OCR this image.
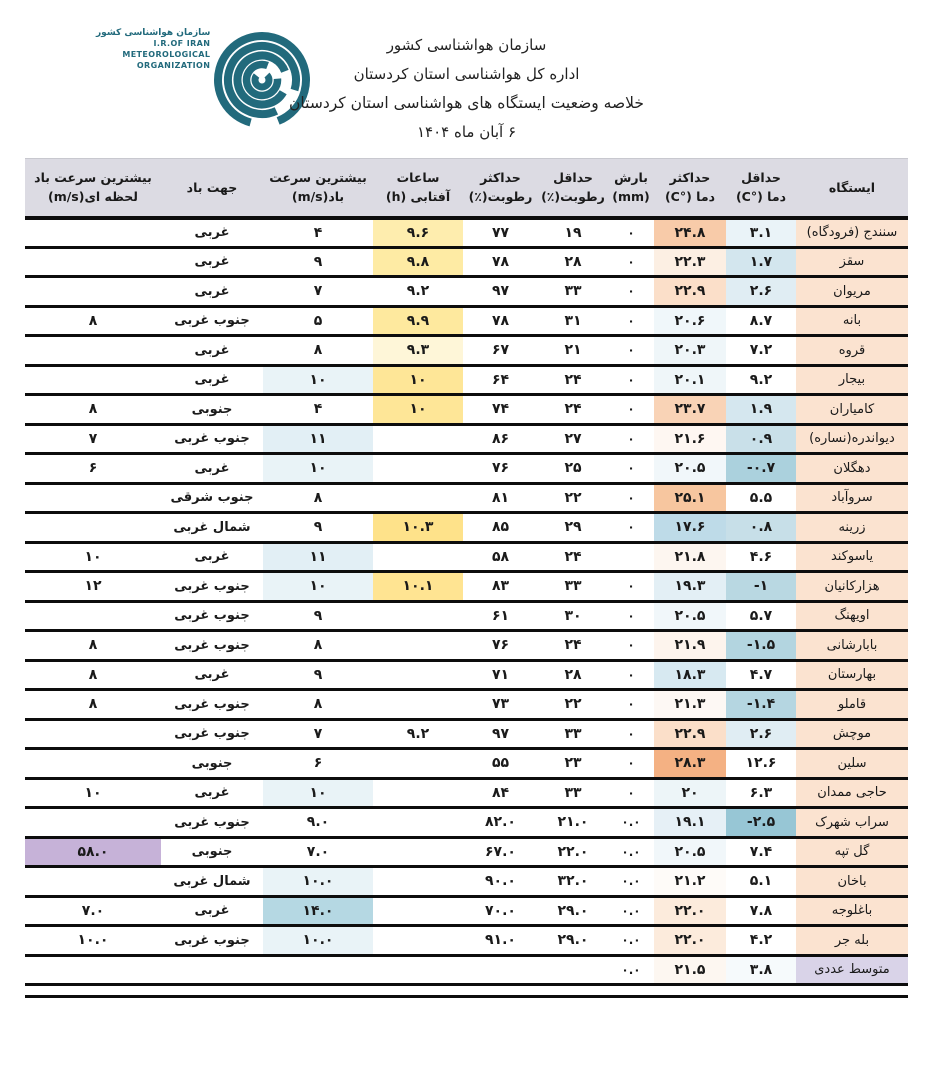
سازمان هواشناسی کشور
I.R.OF IRAN
METEOROLOGICAL
ORGANIZATION
سازمان هواشناسی کشور
اداره کل هواشناسی استان کردستان
خلاصه وضعیت ایستگاه های هواشناسی استان کردستان
۶ آبان ماه ۱۴۰۴
ایستگاه

حداقل
دما (°C)

حداکثر
دما (°C)

بارش
(mm)

حداقل
رطوبت(٪)

حداکثر
رطوبت(٪)

ساعات
آفتابی (h)

بیشترین سرعت
باد(m/s)

جهت باد

بیشترین سرعت باد
لحظه ای(m/s)

سنندج (فرودگاه)	۳.۱	۲۴.۸	۰	۱۹	۷۷	۹.۶	۴	غربی	
سقز	۱.۷	۲۲.۳	۰	۲۸	۷۸	۹.۸	۹	غربی	
مریوان	۲.۶	۲۲.۹	۰	۳۳	۹۷	۹.۲	۷	غربی	
بانه	۸.۷	۲۰.۶	۰	۳۱	۷۸	۹.۹	۵	جنوب غربی	۸
قروه	۷.۲	۲۰.۳	۰	۲۱	۶۷	۹.۳	۸	غربی	
بیجار	۹.۲	۲۰.۱	۰	۲۴	۶۴	۱۰	۱۰	غربی	
کامیاران	۱.۹	۲۳.۷	۰	۲۴	۷۴	۱۰	۴	جنوبی	۸
دیواندره(نساره)	۰.۹	۲۱.۶	۰	۲۷	۸۶		۱۱	جنوب غربی	۷
دهگلان	-۰.۷	۲۰.۵	۰	۲۵	۷۶		۱۰	غربی	۶
سروآباد	۵.۵	۲۵.۱	۰	۲۲	۸۱		۸	جنوب شرقی	
زرینه	۰.۸	۱۷.۶	۰	۲۹	۸۵	۱۰.۳	۹	شمال غربی	
یاسوکند	۴.۶	۲۱.۸		۲۴	۵۸		۱۱	غربی	۱۰
هزارکانیان	-۱	۱۹.۳	۰	۳۳	۸۳	۱۰.۱	۱۰	جنوب غربی	۱۲
اویهنگ	۵.۷	۲۰.۵	۰	۳۰	۶۱		۹	جنوب غربی	
بابارشانی	-۱.۵	۲۱.۹	۰	۲۴	۷۶		۸	جنوب غربی	۸
بهارستان	۴.۷	۱۸.۳	۰	۲۸	۷۱		۹	غربی	۸
قاملو	-۱.۴	۲۱.۳	۰	۲۲	۷۳		۸	جنوب غربی	۸
موچش	۲.۶	۲۲.۹	۰	۳۳	۹۷	۹.۲	۷	جنوب غربی	
سلین	۱۲.۶	۲۸.۳	۰	۲۳	۵۵		۶	جنوبی	
حاجی ممدان	۶.۳	۲۰	۰	۳۳	۸۴		۱۰	غربی	۱۰
سراب شهرک	-۲.۵	۱۹.۱	۰.۰	۲۱.۰	۸۲.۰		۹.۰	جنوب غربی	
گل تپه	۷.۴	۲۰.۵	۰.۰	۲۲.۰	۶۷.۰		۷.۰	جنوبی	۵۸.۰
باخان	۵.۱	۲۱.۲	۰.۰	۳۲.۰	۹۰.۰		۱۰.۰	شمال غربی	
باغلوجه	۷.۸	۲۲.۰	۰.۰	۲۹.۰	۷۰.۰		۱۴.۰	غربی	۷.۰
بله جر	۴.۲	۲۲.۰	۰.۰	۲۹.۰	۹۱.۰		۱۰.۰	جنوب غربی	۱۰.۰
متوسط عددی	۳.۸	۲۱.۵	۰.۰						
